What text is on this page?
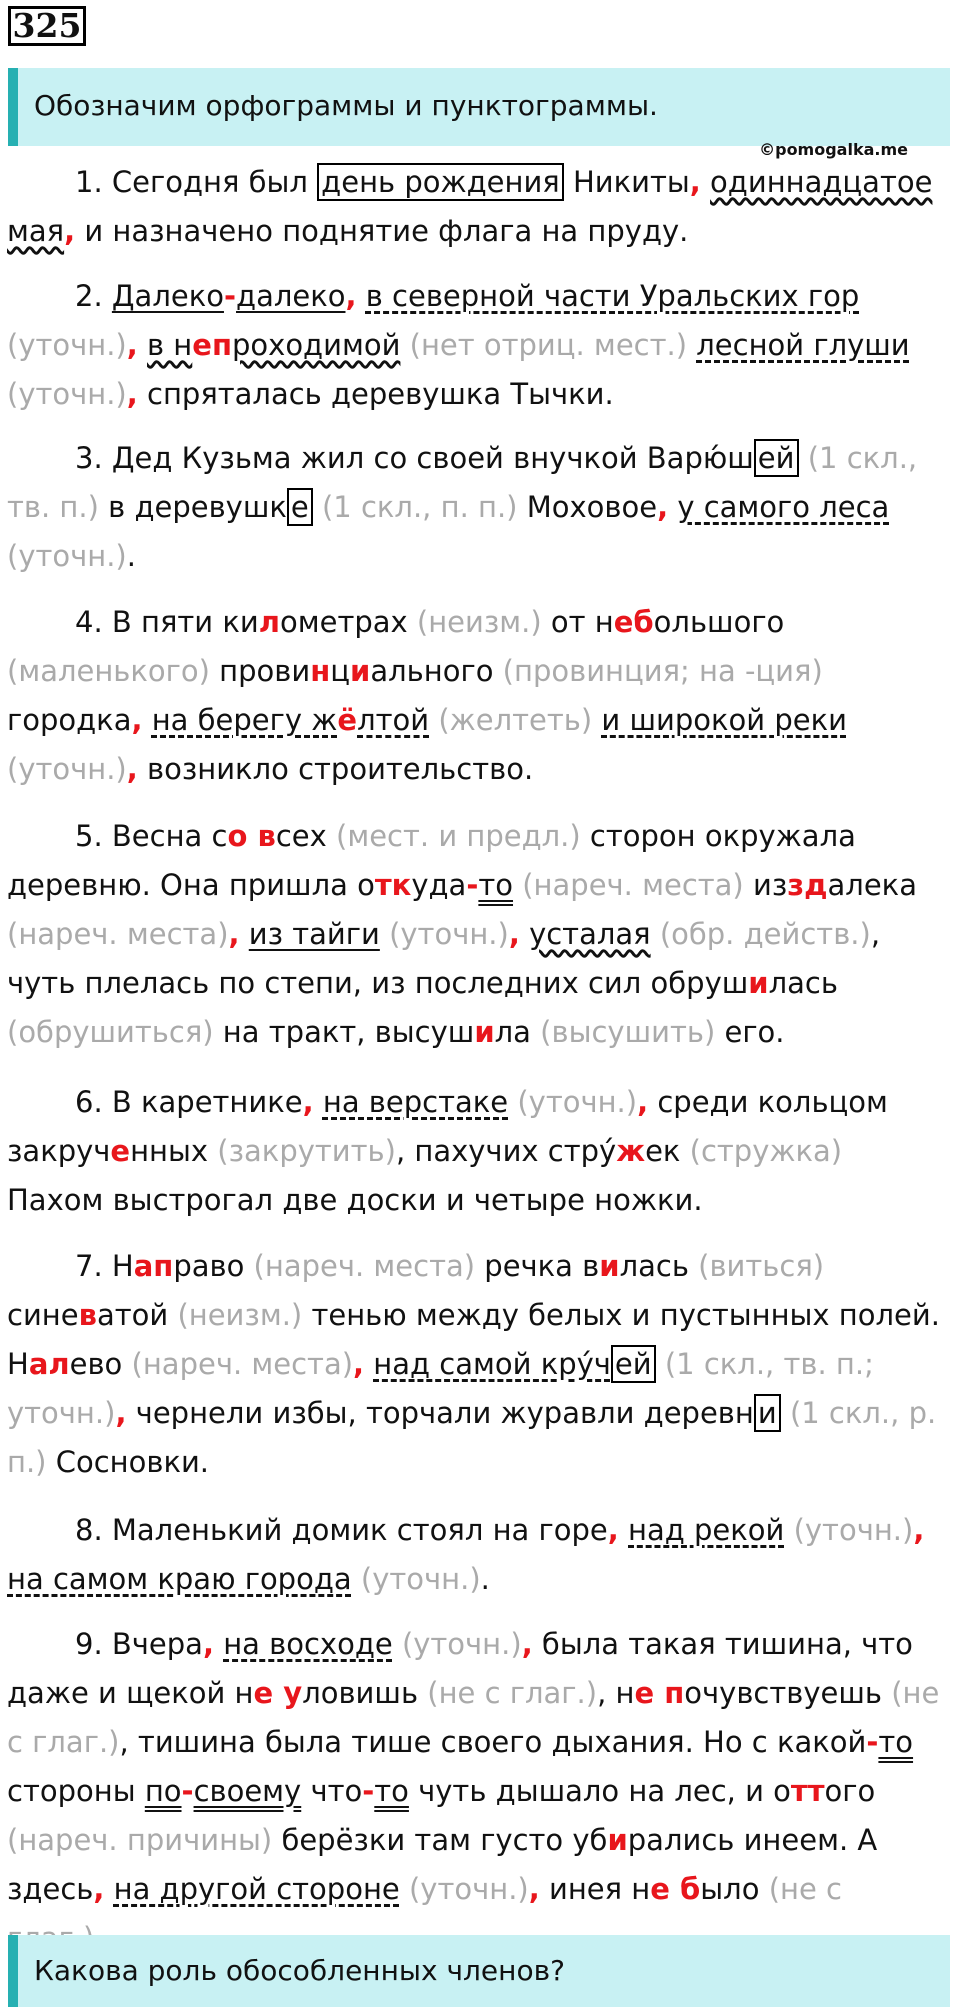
325
Обозначим орфограммы и пунктограммы.
©pomogalka.me
1. Сегодня был день рождения Никиты, одиннадцатое мая, и назначено поднятие флага на пруду.
2. Далеко-далеко, в северной части Уральских гор (уточн.), в непроходимой (нет отриц. мест.) лесной глуши (уточн.), спряталась деревушка Тычки.
3. Дед Кузьма жил со своей внучкой Варю́ш ей (1 скл., тв. п.) в деревушк е (1 скл., п. п.) Моховое, у самого леса (уточн.).
4. В пяти километрах (неизм.) от небольшого (маленького) провинциального (провинция; на -ция) городка, на берегу жёлтой (желтеть) и широкой реки (уточн.), возникло строительство.
5. Весна со всех (мест. и предл.) сторон окружала деревню. Она пришла откуда-то (нареч. места) изздалека (нареч. места), из тайги (уточн.), усталая (обр. действ.), чуть плелась по степи, из последних сил обрушилась (обрушиться) на тракт, высушила (высушить) его.
6. В каретнике, на верстаке (уточн.), среди кольцом закрученных (закрутить), пахучих стру́жек (стружка) Пахом выстрогал две доски и четыре ножки.
7. Направо (нареч. места) речка вилась (виться) синеватой (неизм.) тенью между белых и пустынных полей. Налево (нареч. места), над самой кру́ч ей (1 скл., тв. п.; уточн.), чернели избы, торчали журавли деревн и (1 скл., р. п.) Сосновки.
8. Маленький домик стоял на горе, над рекой (уточн.), на самом краю города (уточн.).
9. Вчера, на восходе (уточн.), была такая тишина, что даже и щекой не уловишь (не с глаг.), не почувствуешь (не с глаг.), тишина была тише своего дыхания. Но с какой-то стороны по-своему что-то чуть дышало на лес, и оттого (нареч. причины) берёзки там густо убирались инеем. А здесь, на другой стороне (уточн.), инея не было (не с
Какова роль обособленных членов?
